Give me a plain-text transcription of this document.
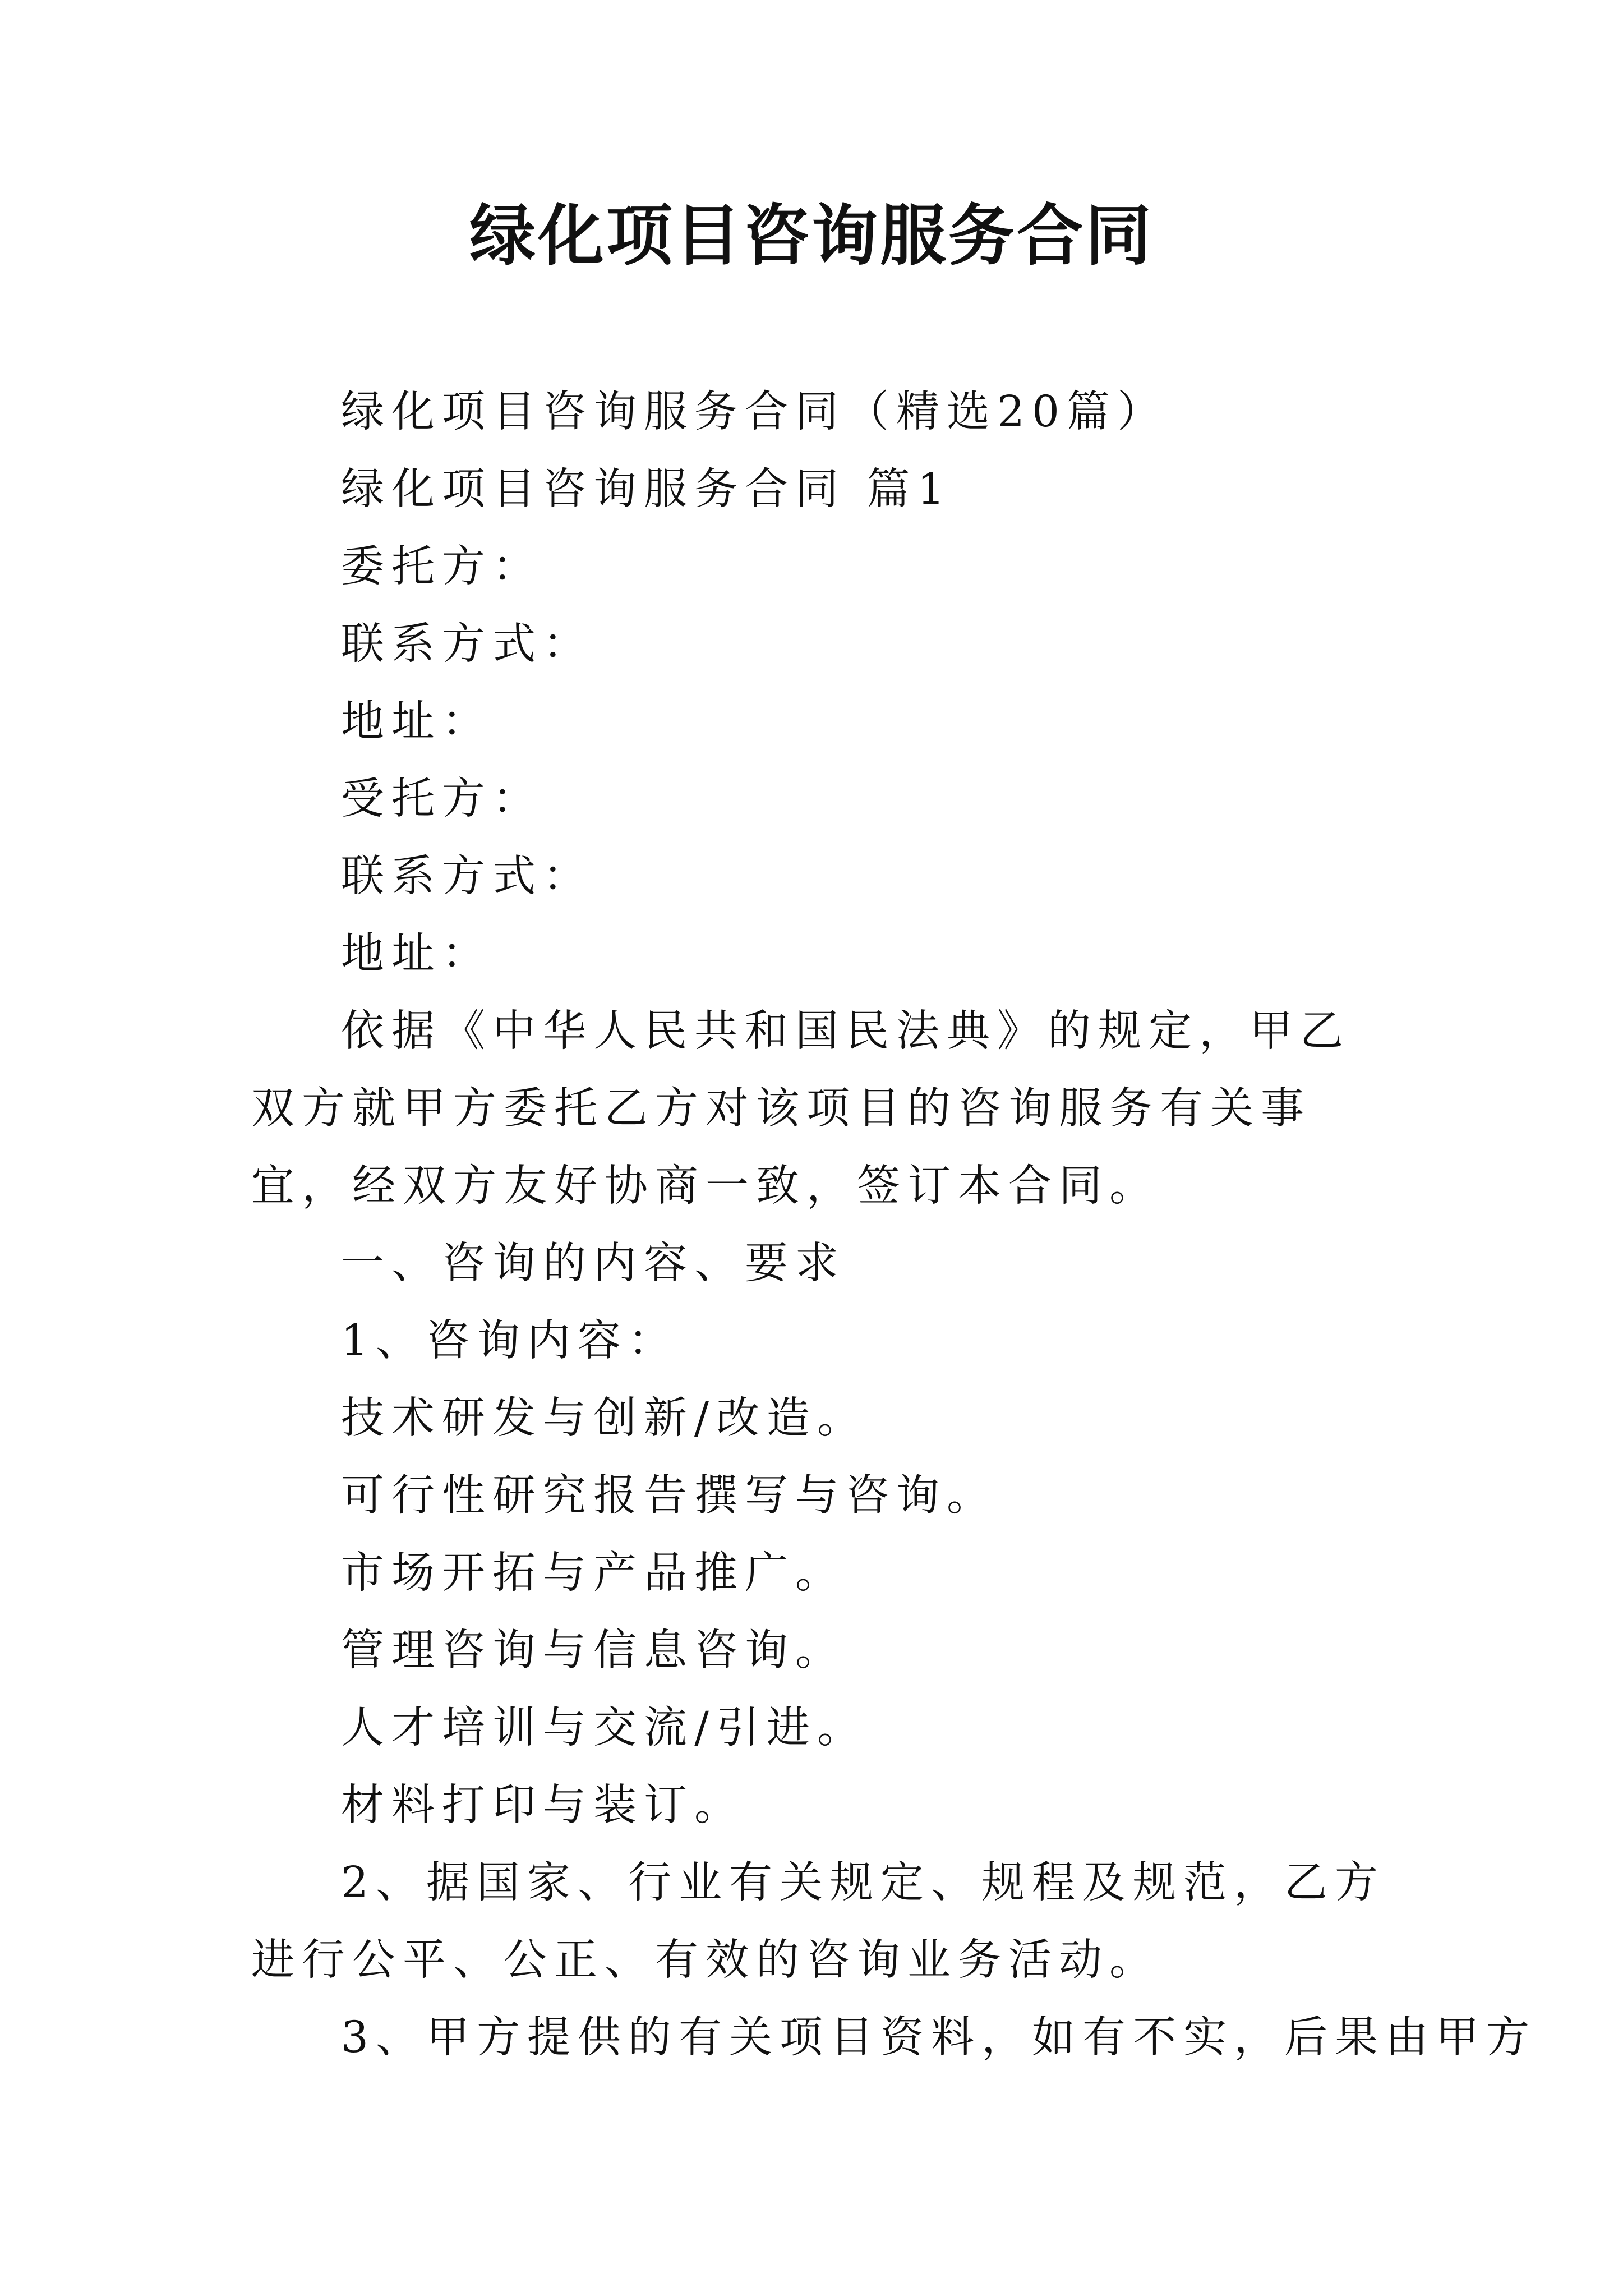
绿化项目咨询服务合同

绿化项目咨询服务合同（精选20篇）

绿化项目咨询服务合同 篇1

委托方：

联系方式：

地址：

受托方：

联系方式：

地址：

依据《中华人民共和国民法典》的规定，甲乙双方就甲方委托乙方对该项目的咨询服务有关事宜，经双方友好协商一致，签订本合同。

一、咨询的内容、要求

1、咨询内容：

技术研发与创新/改造。

可行性研究报告撰写与咨询。

市场开拓与产品推广。

管理咨询与信息咨询。

人才培训与交流/引进。

材料打印与装订。

2、据国家、行业有关规定、规程及规范，乙方进行公平、公正、有效的咨询业务活动。

3、甲方提供的有关项目资料，如有不实，后果由甲方
